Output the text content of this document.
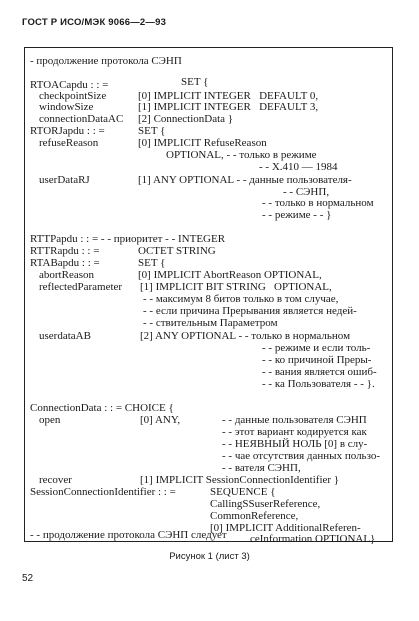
ГОСТ Р ИСО/МЭК 9066—2—93
- продолжение протокола СЭНП
RTOACapdu : : =	SET {
checkpointSize	[0] IMPLICIT INTEGER   DEFAULT 0,
windowSize	[1] IMPLICIT INTEGER   DEFAULT 3,
connectionDataAC [2] ConnectionData }
RTORJapdu : : =	SET {
refuseReason	[0] IMPLICIT RefuseReason
OPTIONAL, - - только в режиме
- - Х.410 — 1984
userDataRJ	[1] ANY OPTIONAL - - данные пользователя-
- - СЭНП,
- - только в нормальном
- - режиме - - }
RTTPapdu : : = - - приоритет - - INTEGER
RTTRapdu : : =	OCTET STRING
RTABapdu : : =	SET {
abortReason	[0] IMPLICIT AbortReason OPTIONAL,
reflectedParameter [1] IMPLICIT BIT STRING   OPTIONAL,
- - максимум 8 битов только в том случае,
- - если причина Прерывания является недей-
- - ствительным Параметром
userdataAB	[2] ANY OPTIONAL - - только в нормальном
- - режиме и если толь-
- - ко причиной Преры-
- - вания является ошиб-
- - ка Пользователя - - }.
ConnectionData : : = CHOICE {
open	[0] ANY,	- - данные пользователя СЭНП
- - этот вариант кодируется как
- - НЕЯВНЫЙ НОЛЬ [0] в слу-
- - чае отсутствия данных пользо-
- - вателя СЭНП,
recover	[1] IMPLICIT SessionConnectionIdentifier }
SessionConnectionIdentifier : : =	SEQUENCE {
CallingSSuserReference,
CommonReference,
[0] IMPLICIT AdditionalReferen-
ceInformation OPTIONAL}
- - продолжение протокола СЭНП следует
Рисунок 1 (лист 3)
52
